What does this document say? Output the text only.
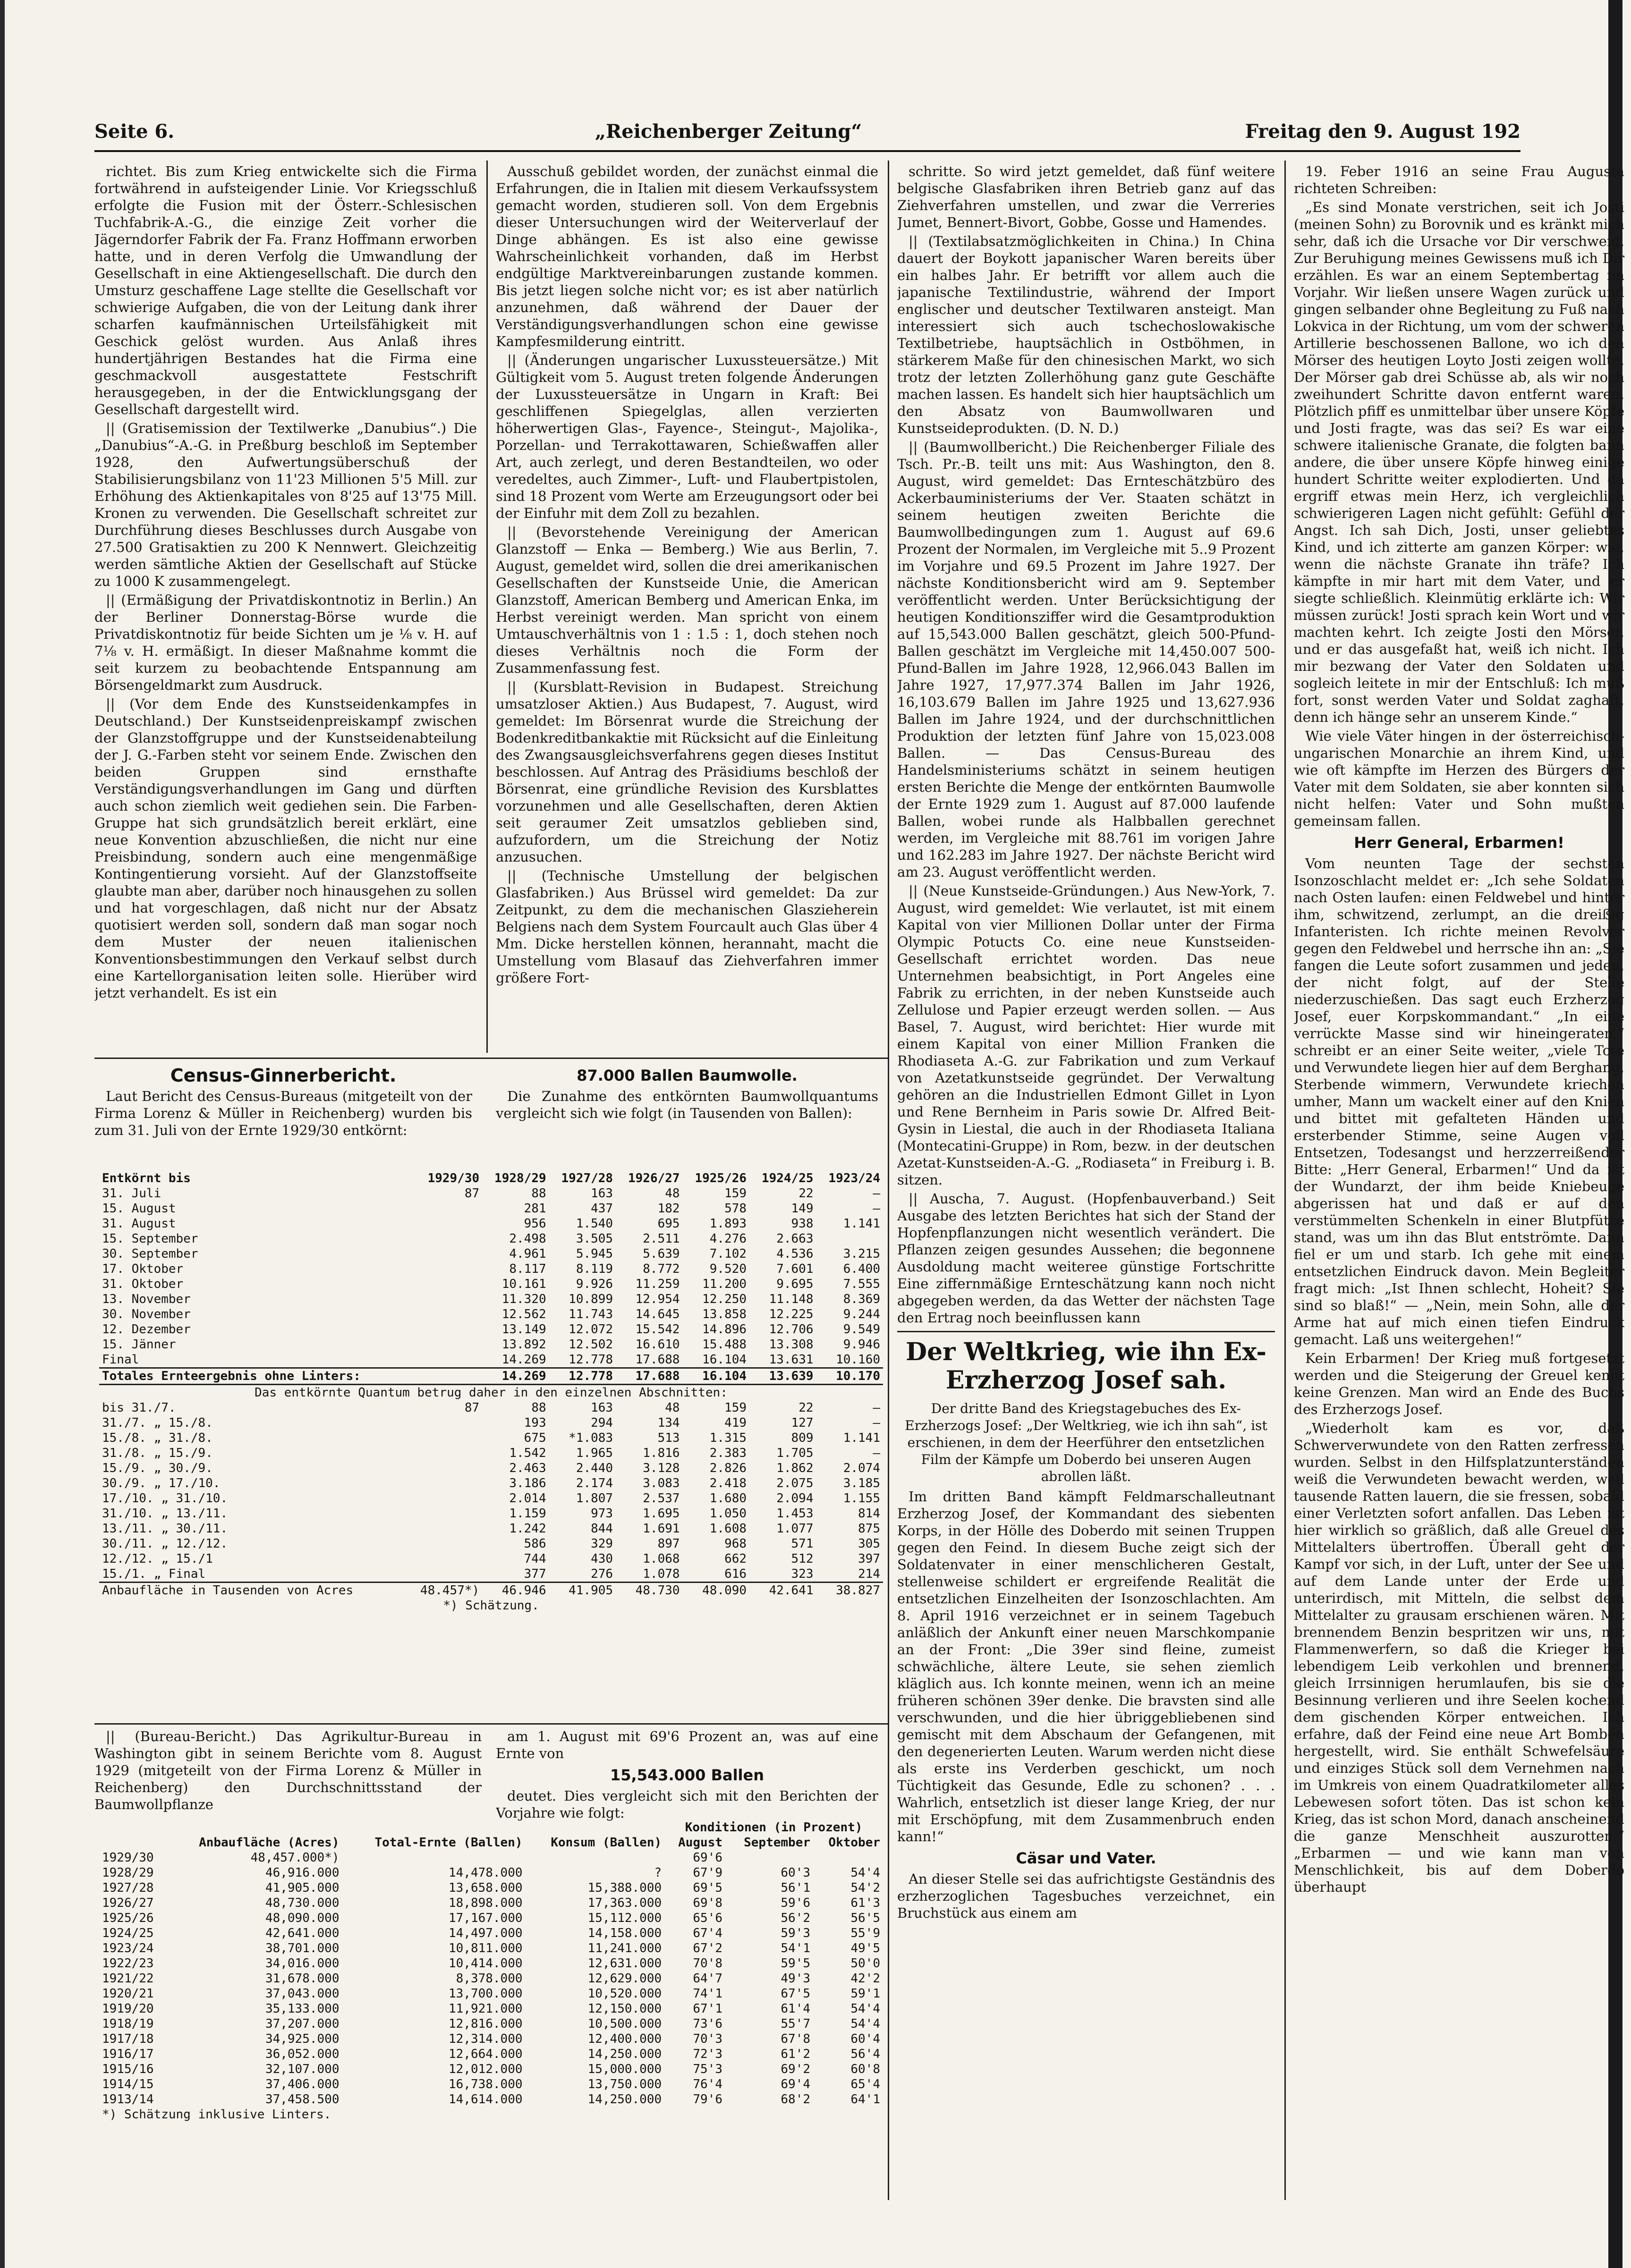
Seite 6.	„Reichenberger Zeitung“	Freitag den 9. August 192

richtet. Bis zum Krieg entwickelte sich die Firma fortwährend in aufsteigender Linie. Vor Kriegsschluß erfolgte die Fusion mit der Österr.-Schlesischen Tuchfabrik-A.-G., die einzige Zeit vorher die Jägerndorfer Fabrik der Fa. Franz Hoffmann erworben hatte, und in deren Verfolg die Umwandlung der Gesellschaft in eine Aktiengesellschaft. Die durch den Umsturz geschaffene Lage stellte die Gesellschaft vor schwierige Aufgaben, die von der Leitung dank ihrer scharfen kaufmännischen Urteilsfähigkeit mit Geschick gelöst wurden. Aus Anlaß ihres hundertjährigen Bestandes hat die Firma eine geschmackvoll ausgestattete Festschrift herausgegeben, in der die Entwicklungsgang der Gesellschaft dargestellt wird.

|| (Gratisemission der Textilwerke „Danubius“.) Die „Danubius“-A.-G. in Preßburg beschloß im September 1928, den Aufwertungsüberschuß der Stabilisierungsbilanz von 11'23 Millionen 5'5 Mill. zur Erhöhung des Aktienkapitales von 8'25 auf 13'75 Mill. Kronen zu verwenden. Die Gesellschaft schreitet zur Durchführung dieses Beschlusses durch Ausgabe von 27.500 Gratisaktien zu 200 K Nennwert. Gleichzeitig werden sämtliche Aktien der Gesellschaft auf Stücke zu 1000 K zusammengelegt.

|| (Ermäßigung der Privatdiskontnotiz in Berlin.) An der Berliner Donnerstag-Börse wurde die Privatdiskontnotiz für beide Sichten um je ⅛ v. H. auf 7⅛ v. H. ermäßigt. In dieser Maßnahme kommt die seit kurzem zu beobachtende Entspannung am Börsengeldmarkt zum Ausdruck.

|| (Vor dem Ende des Kunstseidenkampfes in Deutschland.) Der Kunstseidenpreiskampf zwischen der Glanzstoffgruppe und der Kunstseidenabteilung der J. G.-Farben steht vor seinem Ende. Zwischen den beiden Gruppen sind ernsthafte Verständigungsverhandlungen im Gang und dürften auch schon ziemlich weit gediehen sein. Die Farben-Gruppe hat sich grundsätzlich bereit erklärt, eine neue Konvention abzuschließen, die nicht nur eine Preisbindung, sondern auch eine mengenmäßige Kontingentierung vorsieht. Auf der Glanzstoffseite glaubte man aber, darüber noch hinausgehen zu sollen und hat vorgeschlagen, daß nicht nur der Absatz quotisiert werden soll, sondern daß man sogar noch dem Muster der neuen italienischen Konventionsbestimmungen den Verkauf selbst durch eine Kartellorganisation leiten solle. Hierüber wird jetzt verhandelt. Es ist ein

Ausschuß gebildet worden, der zunächst einmal die Erfahrungen, die in Italien mit diesem Verkaufssystem gemacht worden, studieren soll. Von dem Ergebnis dieser Untersuchungen wird der Weiterverlauf der Dinge abhängen. Es ist also eine gewisse Wahrscheinlichkeit vorhanden, daß im Herbst endgültige Marktvereinbarungen zustande kommen. Bis jetzt liegen solche nicht vor; es ist aber natürlich anzunehmen, daß während der Dauer der Verständigungsverhandlungen schon eine gewisse Kampfesmilderung eintritt.

|| (Änderungen ungarischer Luxussteuersätze.) Mit Gültigkeit vom 5. August treten folgende Änderungen der Luxussteuersätze in Ungarn in Kraft: Bei geschliffenen Spiegelglas, allen verzierten höherwertigen Glas-, Fayence-, Steingut-, Majolika-, Porzellan- und Terrakottawaren, Schießwaffen aller Art, auch zerlegt, und deren Bestandteilen, wo oder veredeltes, auch Zimmer-, Luft- und Flaubertpistolen, sind 18 Prozent vom Werte am Erzeugungsort oder bei der Einfuhr mit dem Zoll zu bezahlen.

|| (Bevorstehende Vereinigung der American Glanzstoff — Enka — Bemberg.) Wie aus Berlin, 7. August, gemeldet wird, sollen die drei amerikanischen Gesellschaften der Kunstseide Unie, die American Glanzstoff, American Bemberg und American Enka, im Herbst vereinigt werden. Man spricht von einem Umtauschverhältnis von 1 : 1.5 : 1, doch stehen noch dieses Verhältnis noch die Form der Zusammenfassung fest.

|| (Kursblatt-Revision in Budapest. Streichung umsatzloser Aktien.) Aus Budapest, 7. August, wird gemeldet: Im Börsenrat wurde die Streichung der Bodenkreditbankaktie mit Rücksicht auf die Einleitung des Zwangsausgleichsverfahrens gegen dieses Institut beschlossen. Auf Antrag des Präsidiums beschloß der Börsenrat, eine gründliche Revision des Kursblattes vorzunehmen und alle Gesellschaften, deren Aktien seit geraumer Zeit umsatzlos geblieben sind, aufzufordern, um die Streichung der Notiz anzusuchen.

|| (Technische Umstellung der belgischen Glasfabriken.) Aus Brüssel wird gemeldet: Da zur Zeitpunkt, zu dem die mechanischen Glaszieherein Belgiens nach dem System Fourcault auch Glas über 4 Mm. Dicke herstellen können, herannaht, macht die Umstellung vom Blasauf das Ziehverfahren immer größere Fort-

schritte. So wird jetzt gemeldet, daß fünf weitere belgische Glasfabriken ihren Betrieb ganz auf das Ziehverfahren umstellen, und zwar die Verreries Jumet, Bennert-Bivort, Gobbe, Gosse und Hamendes.

|| (Textilabsatzmöglichkeiten in China.) In China dauert der Boykott japanischer Waren bereits über ein halbes Jahr. Er betrifft vor allem auch die japanische Textilindustrie, während der Import englischer und deutscher Textilwaren ansteigt. Man interessiert sich auch tschechoslowakische Textilbetriebe, hauptsächlich in Ostböhmen, in stärkerem Maße für den chinesischen Markt, wo sich trotz der letzten Zollerhöhung ganz gute Geschäfte machen lassen. Es handelt sich hier hauptsächlich um den Absatz von Baumwollwaren und Kunstseideprodukten. (D. N. D.)

|| (Baumwollbericht.) Die Reichenberger Filiale des Tsch. Pr.-B. teilt uns mit: Aus Washington, den 8. August, wird gemeldet: Das Ernteschätzbüro des Ackerbauministeriums der Ver. Staaten schätzt in seinem heutigen zweiten Berichte die Baumwollbedingungen zum 1. August auf 69.6 Prozent der Normalen, im Vergleiche mit 5..9 Prozent im Vorjahre und 69.5 Prozent im Jahre 1927. Der nächste Konditionsbericht wird am 9. September veröffentlicht werden. Unter Berücksichtigung der heutigen Konditionsziffer wird die Gesamtproduktion auf 15,543.000 Ballen geschätzt, gleich 500-Pfund-Ballen geschätzt im Vergleiche mit 14,450.007 500-Pfund-Ballen im Jahre 1928, 12,966.043 Ballen im Jahre 1927, 17,977.374 Ballen im Jahr 1926, 16,103.679 Ballen im Jahre 1925 und 13,627.936 Ballen im Jahre 1924, und der durchschnittlichen Produktion der letzten fünf Jahre von 15,023.008 Ballen. — Das Census-Bureau des Handelsministeriums schätzt in seinem heutigen ersten Berichte die Menge der entkörnten Baumwolle der Ernte 1929 zum 1. August auf 87.000 laufende Ballen, wobei runde als Halbballen gerechnet werden, im Vergleiche mit 88.761 im vorigen Jahre und 162.283 im Jahre 1927. Der nächste Bericht wird am 23. August veröffentlicht werden.

|| (Neue Kunstseide-Gründungen.) Aus New-York, 7. August, wird gemeldet: Wie verlautet, ist mit einem Kapital von vier Millionen Dollar unter der Firma Olympic Potucts Co. eine neue Kunstseiden-Gesellschaft errichtet worden. Das neue Unternehmen beabsichtigt, in Port Angeles eine Fabrik zu errichten, in der neben Kunstseide auch Zellulose und Papier erzeugt werden sollen. — Aus Basel, 7. August, wird berichtet: Hier wurde mit einem Kapital von einer Million Franken die Rhodiaseta A.-G. zur Fabrikation und zum Verkauf von Azetatkunstseide gegründet. Der Verwaltung gehören an die Industriellen Edmont Gillet in Lyon und Rene Bernheim in Paris sowie Dr. Alfred Beit-Gysin in Liestal, die auch in der Rhodiaseta Italiana (Montecatini-Gruppe) in Rom, bezw. in der deutschen Azetat-Kunstseiden-A.-G. „Rodiaseta“ in Freiburg i. B. sitzen.

|| Auscha, 7. August. (Hopfenbauverband.) Seit Ausgabe des letzten Berichtes hat sich der Stand der Hopfenpflanzungen nicht wesentlich verändert. Die Pflanzen zeigen gesundes Aussehen; die begonnene Ausdoldung macht weiteree günstige Fortschritte Eine ziffernmäßige Ernteschätzung kann noch nicht abgegeben werden, da das Wetter der nächsten Tage den Ertrag noch beeinflussen kann

Der Weltkrieg, wie ihn Ex-Erzherzog Josef sah.
Der dritte Band des Kriegstagebuches des Ex-Erzherzogs Josef: „Der Weltkrieg, wie ich ihn sah“, ist erschienen, in dem der Heerführer den entsetzlichen Film der Kämpfe um Doberdo bei unseren Augen abrollen läßt.

Im dritten Band kämpft Feldmarschalleutnant Erzherzog Josef, der Kommandant des siebenten Korps, in der Hölle des Doberdo mit seinen Truppen gegen den Feind. In diesem Buche zeigt sich der Soldatenvater in einer menschlicheren Gestalt, stellenweise schildert er ergreifende Realität die entsetzlichen Einzelheiten der Isonzoschlachten. Am 8. April 1916 verzeichnet er in seinem Tagebuch anläßlich der Ankunft einer neuen Marschkompanie an der Front: „Die 39er sind fleine, zumeist schwächliche, ältere Leute, sie sehen ziemlich kläglich aus. Ich konnte meinen, wenn ich an meine früheren schönen 39er denke. Die bravsten sind alle verschwunden, und die hier übriggebliebenen sind gemischt mit dem Abschaum der Gefangenen, mit den degenerierten Leuten. Warum werden nicht diese als erste ins Verderben geschickt, um noch Tüchtigkeit das Gesunde, Edle zu schonen? . . . Wahrlich, entsetzlich ist dieser lange Krieg, der nur mit Erschöpfung, mit dem Zusammenbruch enden kann!“

Cäsar und Vater.

An dieser Stelle sei das aufrichtigste Geständnis des erzherzoglichen Tagesbuches verzeichnet, ein Bruchstück aus einem am

19. Feber 1916 an seine Frau Augusta richteten Schreiben:

„Es sind Monate verstrichen, seit ich Josti (meinen Sohn) zu Borovnik und es kränkt mich sehr, daß ich die Ursache vor Dir verschweig. Zur Beruhigung meines Gewissens muß ich Dir erzählen. Es war an einem Septembertag im Vorjahr. Wir ließen unsere Wagen zurück und gingen selbander ohne Begleitung zu Fuß nach Lokvica in der Richtung, um vom der schweren Artillerie beschossenen Ballone, wo ich den Mörser des heutigen Loyto Josti zeigen wollte. Der Mörser gab drei Schüsse ab, als wir noch zweihundert Schritte davon entfernt waren. Plötzlich pfiff es unmittelbar über unsere Köpfe und Josti fragte, was das sei? Es war eine schwere italienische Granate, die folgten bann andere, die über unsere Köpfe hinweg einige hundert Schritte weiter explodierten. Und da ergriff etwas mein Herz, ich vergleichlich schwierigeren Lagen nicht gefühlt: Gefühl der Angst. Ich sah Dich, Josti, unser geliebtes Kind, und ich zitterte am ganzen Körper: wie, wenn die nächste Granate ihn träfe? Ich kämpfte in mir hart mit dem Vater, und er siegte schließlich. Kleinmütig erklärte ich: Wir müssen zurück! Josti sprach kein Wort und wir machten kehrt. Ich zeigte Josti den Mörser, und er das ausgefaßt hat, weiß ich nicht. Ich mir bezwang der Vater den Soldaten und sogleich leitete in mir der Entschluß: Ich muß fort, sonst werden Vater und Soldat zaghaft, denn ich hänge sehr an unserem Kinde.“

Wie viele Väter hingen in der österreichisch-ungarischen Monarchie an ihrem Kind, und wie oft kämpfte im Herzen des Bürgers der Vater mit dem Soldaten, sie aber konnten sich nicht helfen: Vater und Sohn mußten gemeinsam fallen.

Herr General, Erbarmen!

Vom neunten Tage der sechsten Isonzoschlacht meldet er: „Ich sehe Soldaten nach Osten laufen: einen Feldwebel und hinter ihm, schwitzend, zerlumpt, an die dreißig Infanteristen. Ich richte meinen Revolver gegen den Feldwebel und herrsche ihn an: „Sie fangen die Leute sofort zusammen und jeden, der nicht folgt, auf der Stelle niederzuschießen. Das sagt euch Erzherzog Josef, euer Korpskommandant.“ „In eine verrückte Masse sind wir hineingeraten,“ schreibt er an einer Seite weiter, „viele Tote und Verwundete liegen hier auf dem Berghang, Sterbende wimmern, Verwundete kriechen umher, Mann um wackelt einer auf den Knien und bittet mit gefalteten Händen und ersterbender Stimme, seine Augen voll Entsetzen, Todesangst und herzzerreißender Bitte: „Herr General, Erbarmen!“ Und da ist der Wundarzt, der ihm beide Kniebeuge abgerissen hat und daß er auf den verstümmelten Schenkeln in einer Blutpfütze stand, was um ihn das Blut entströmte. Dann fiel er um und starb. Ich gehe mit einem entsetzlichen Eindruck davon. Mein Begleiter fragt mich: „Ist Ihnen schlecht, Hoheit? Sie sind so blaß!“ — „Nein, mein Sohn, alle der Arme hat auf mich einen tiefen Eindruck gemacht. Laß uns weitergehen!“

Kein Erbarmen! Der Krieg muß fortgesetzt werden und die Steigerung der Greuel kennt keine Grenzen. Man wird an Ende des Buchs des Erzherzogs Josef.

„Wiederholt kam es vor, daß Schwerverwundete von den Ratten zerfressen wurden. Selbst in den Hilfsplatzunterständen weiß die Verwundeten bewacht werden, weil tausende Ratten lauern, die sie fressen, sobald einer Verletzten sofort anfallen. Das Leben ist hier wirklich so gräßlich, daß alle Greuel des Mittelalters übertroffen. Überall geht der Kampf vor sich, in der Luft, unter der See und auf dem Lande unter der Erde und unterirdisch, mit Mitteln, die selbst dem Mittelalter zu grausam erschienen wären. Mit brennendem Benzin bespritzen wir uns, mit Flammenwerfern, so daß die Krieger bei lebendigem Leib verkohlen und brennend, gleich Irrsinnigen herumlaufen, bis sie die Besinnung verlieren und ihre Seelen kochend dem gischenden Körper entweichen. Ich erfahre, daß der Feind eine neue Art Bomben hergestellt, wird. Sie enthält Schwefelsäure und einziges Stück soll dem Vernehmen nach im Umkreis von einem Quadratkilometer alles Lebewesen sofort töten. Das ist schon kein Krieg, das ist schon Mord, danach anscheinend die ganze Menschheit auszurotten.“ „Erbarmen — und wie kann man von Menschlichkeit, bis auf dem Doberdo überhaupt

Census-Ginnerbericht.

Laut Bericht des Census-Bureaus (mitgeteilt von der Firma Lorenz & Müller in Reichenberg) wurden bis zum 31. Juli von der Ernte 1929/30 entkörnt:

87.000 Ballen Baumwolle.

Die Zunahme des entkörnten Baumwollquantums vergleicht sich wie folgt (in Tausenden von Ballen):

Entkörnt bis	1929/30	1928/29	1927/28	1926/27	1925/26	1924/25	1923/24
31. Juli	87	88	163	48	159	22	—
15. August		281	437	182	578	149	—
31. August		956	1.540	695	1.893	938	1.141
15. September		2.498	3.505	2.511	4.276	2.663	
30. September		4.961	5.945	5.639	7.102	4.536	3.215
17. Oktober		8.117	8.119	8.772	9.520	7.601	6.400
31. Oktober		10.161	9.926	11.259	11.200	9.695	7.555
13. November		11.320	10.899	12.954	12.250	11.148	8.369
30. November		12.562	11.743	14.645	13.858	12.225	9.244
12. Dezember		13.149	12.072	15.542	14.896	12.706	9.549
15. Jänner		13.892	12.502	16.610	15.488	13.308	9.946
Final		14.269	12.778	17.688	16.104	13.631	10.160
Totales Ernteergebnis ohne Linters:		14.269	12.778	17.688	16.104	13.639	10.170
Das entkörnte Quantum betrug daher in den einzelnen Abschnitten:							
bis 31./7.	87	88	163	48	159	22	—
31./7. „ 15./8.		193	294	134	419	127	—
15./8. „ 31./8.		675	*1.083	513	1.315	809	1.141
31./8. „ 15./9.		1.542	1.965	1.816	2.383	1.705	—
15./9. „ 30./9.		2.463	2.440	3.128	2.826	1.862	2.074
30./9. „ 17./10.		3.186	2.174	3.083	2.418	2.075	3.185
17./10. „ 31./10.		2.014	1.807	2.537	1.680	2.094	1.155
31./10. „ 13./11.		1.159	973	1.695	1.050	1.453	814
13./11. „ 30./11.		1.242	844	1.691	1.608	1.077	875
30./11. „ 12./12.		586	329	897	968	571	305
12./12. „ 15./1		744	430	1.068	662	512	397
15./1. „ Final		377	276	1.078	616	323	214
Anbaufläche in Tausenden von Acres	48.457*)	46.946	41.905	48.730	48.090	42.641	38.827
*) Schätzung.							

|| (Bureau-Bericht.) Das Agrikultur-Bureau in Washington gibt in seinem Berichte vom 8. August 1929 (mitgeteilt von der Firma Lorenz & Müller in Reichenberg) den Durchschnittsstand der Baumwollpflanze

am 1. August mit 69'6 Prozent an, was auf eine Ernte von

15,543.000 Ballen

deutet. Dies vergleicht sich mit den Berichten der Vorjahre wie folgt:

				Konditionen (in Prozent)		
	Anbaufläche (Acres)	Total-Ernte (Ballen)	Konsum (Ballen)	August	September	Oktober
1929/30	48,457.000*)			69'6		
1928/29	46,916.000	14,478.000	?	67'9	60'3	54'4
1927/28	41,905.000	13,658.000	15,388.000	69'5	56'1	54'2
1926/27	48,730.000	18,898.000	17,363.000	69'8	59'6	61'3
1925/26	48,090.000	17,167.000	15,112.000	65'6	56'2	56'5
1924/25	42,641.000	14,497.000	14,158.000	67'4	59'3	55'9
1923/24	38,701.000	10,811.000	11,241.000	67'2	54'1	49'5
1922/23	34,016.000	10,414.000	12,631.000	70'8	59'5	50'0
1921/22	31,678.000	8,378.000	12,629.000	64'7	49'3	42'2
1920/21	37,043.000	13,700.000	10,520.000	74'1	67'5	59'1
1919/20	35,133.000	11,921.000	12,150.000	67'1	61'4	54'4
1918/19	37,207.000	12,816.000	10,500.000	73'6	55'7	54'4
1917/18	34,925.000	12,314.000	12,400.000	70'3	67'8	60'4
1916/17	36,052.000	12,664.000	14,250.000	72'3	61'2	56'4
1915/16	32,107.000	12,012.000	15,000.000	75'3	69'2	60'8
1914/15	37,406.000	16,738.000	13,750.000	76'4	69'4	65'4
1913/14	37,458.500	14,614.000	14,250.000	79'6	68'2	64'1
*) Schätzung inklusive Linters.						
